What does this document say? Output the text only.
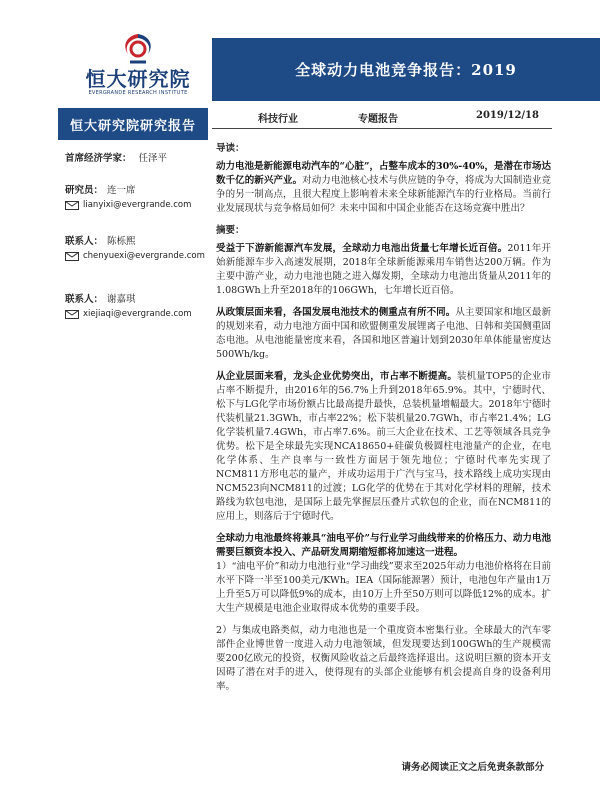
恒大研究院
EVERGRANDE RESEARCH INSTITUTE
全球动力电池竞争报告：2019
恒大研究院研究报告	科技行业	专题报告	2019/12/18
首席经济学家： 任泽平
研究员： 连一席
lianyixi@evergrande.com
联系人： 陈栎熙
chenyuexi@evergrande.com
联系人： 谢嘉琪
xiejiaqi@evergrande.com
导读：

动力电池是新能源电动汽车的“心脏”，占整车成本的30%-40%，是潜在市场达数千亿的新兴产业。对动力电池核心技术与供应链的争夺，将成为大国制造业竞争的另一制高点，且很大程度上影响着未来全球新能源汽车的行业格局。当前行业发展现状与竞争格局如何？未来中国和中国企业能否在这场竞赛中胜出？

摘要：

受益于下游新能源汽车发展，全球动力电池出货量七年增长近百倍。2011年开始新能源车步入高速发展期，2018年全球新能源乘用车销售达200万辆。作为主要中游产业，动力电池也随之进入爆发期，全球动力电池出货量从2011年的1.08GWh上升至2018年的106GWh，七年增长近百倍。

从政策层面来看，各国发展电池技术的侧重点有所不同。从主要国家和地区最新的规划来看，动力电池方面中国和欧盟侧重发展锂离子电池、日韩和美国侧重固态电池。从电池能量密度来看，各国和地区普遍计划到2030年单体能量密度达500Wh/kg。

从企业层面来看，龙头企业优势突出，市占率不断提高。装机量TOP5的企业市占率不断提升，由2016年的56.7%上升到2018年65.9%。其中，宁德时代、松下与LG化学市场份额占比最高提升最快，总装机量增幅最大。2018年宁德时代装机量21.3GWh，市占率22%；松下装机量20.7GWh，市占率21.4%；LG化学装机量7.4GWh，市占率7.6%。前三大企业在技术、工艺等领域各具竞争优势。松下是全球最先实现NCA18650+硅碳负极圆柱电池量产的企业，在电化学体系、生产良率与一致性方面居于领先地位；宁德时代率先实现了NCM811方形电芯的量产，并成功运用于广汽与宝马，技术路线上成功实现由NCM523向NCM811的过渡；LG化学的优势在于其对化学材料的理解，技术路线为软包电池，是国际上最先掌握层压叠片式软包的企业，而在NCM811的应用上，则落后于宁德时代。

全球动力电池最终将兼具“油电平价”与行业学习曲线带来的价格压力、动力电池需要巨额资本投入、产品研发周期缩短都将加速这一进程。

1）“油电平价”和动力电池行业“学习曲线”要求至2025年动力电池价格将在目前水平下降一半至100美元/KWh。IEA（国际能源署）预计，电池包年产量由1万上升至5万可以降低9%的成本，由10万上升至50万则可以降低12%的成本。扩大生产规模是电池企业取得成本优势的重要手段。

2）与集成电路类似，动力电池也是一个重度资本密集行业。全球最大的汽车零部件企业博世曾一度进入动力电池领域，但发现要达到100GWh的生产规模需要200亿欧元的投资，权衡风险收益之后最终选择退出。这说明巨额的资本开支因碍了潜在对手的进入，使得现有的头部企业能够有机会提高自身的设备利用率。

请务必阅读正文之后免责条款部分
